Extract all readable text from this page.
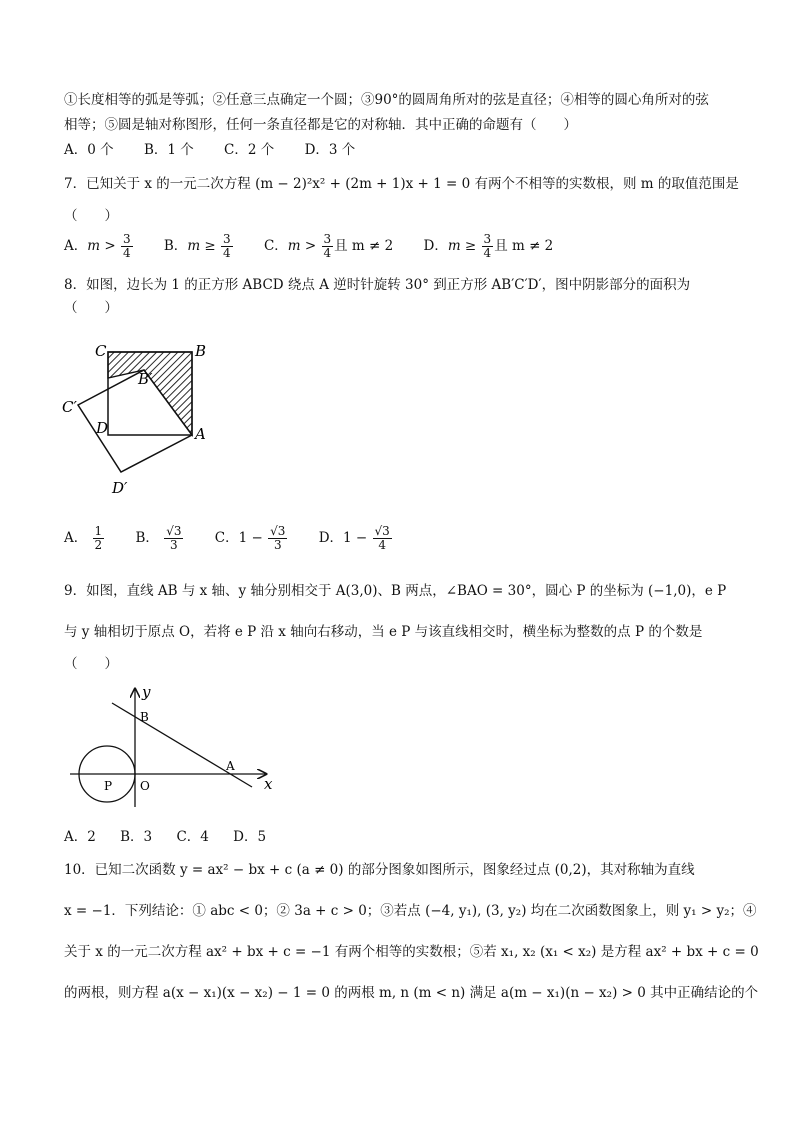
①长度相等的弧是等弧；②任意三点确定一个圆；③90°的圆周角所对的弦是直径；④相等的圆心角所对的弦
相等；⑤圆是轴对称图形，任何一条直径都是它的对称轴．其中正确的命题有（　　）
A．0 个 B．1 个 C．2 个 D．3 个
7．已知关于 x 的一元二次方程 (m − 2)²x² + (2m + 1)x + 1 = 0 有两个不相等的实数根，则 m 的取值范围是
（　　）
A．$m > \frac{3}{4}$ B．$m \ge \frac{3}{4}$ C．$m > \frac{3}{4}$ 且 m ≠ 2 D．$m \ge \frac{3}{4}$ 且 m ≠ 2
8．如图，边长为 1 的正方形 ABCD 绕点 A 逆时针旋转 30° 到正方形 AB′C′D′，图中阴影部分的面积为
（　　）
C	B
B′
C′
D	A
D′
A． $\frac{1}{2}$ B． $\frac{√3}{3}$ C．$1 - \frac{√3}{3}$ D．$1 - \frac{√3}{4}$
9．如图，直线 AB 与 x 轴、y 轴分别相交于 A(3,0)、B 两点，∠BAO = 30°，圆心 P 的坐标为 (−1,0)，e P
与 y 轴相切于原点 O，若将 e P 沿 x 轴向右移动，当 e P 与该直线相交时，横坐标为整数的点 P 的个数是
（　　）
y
x
B
A
P O
A．2 B．3 C．4 D．5
10．已知二次函数 y = ax² − bx + c (a ≠ 0) 的部分图象如图所示，图象经过点 (0,2)，其对称轴为直线
x = −1．下列结论：① abc < 0；② 3a + c > 0；③若点 (−4, y₁), (3, y₂) 均在二次函数图象上，则 y₁ > y₂；④
关于 x 的一元二次方程 ax² + bx + c = −1 有两个相等的实数根；⑤若 x₁, x₂ (x₁ < x₂) 是方程 ax² + bx + c = 0
的两根，则方程 a(x − x₁)(x − x₂) − 1 = 0 的两根 m, n (m < n) 满足 a(m − x₁)(n − x₂) > 0 其中正确结论的个
